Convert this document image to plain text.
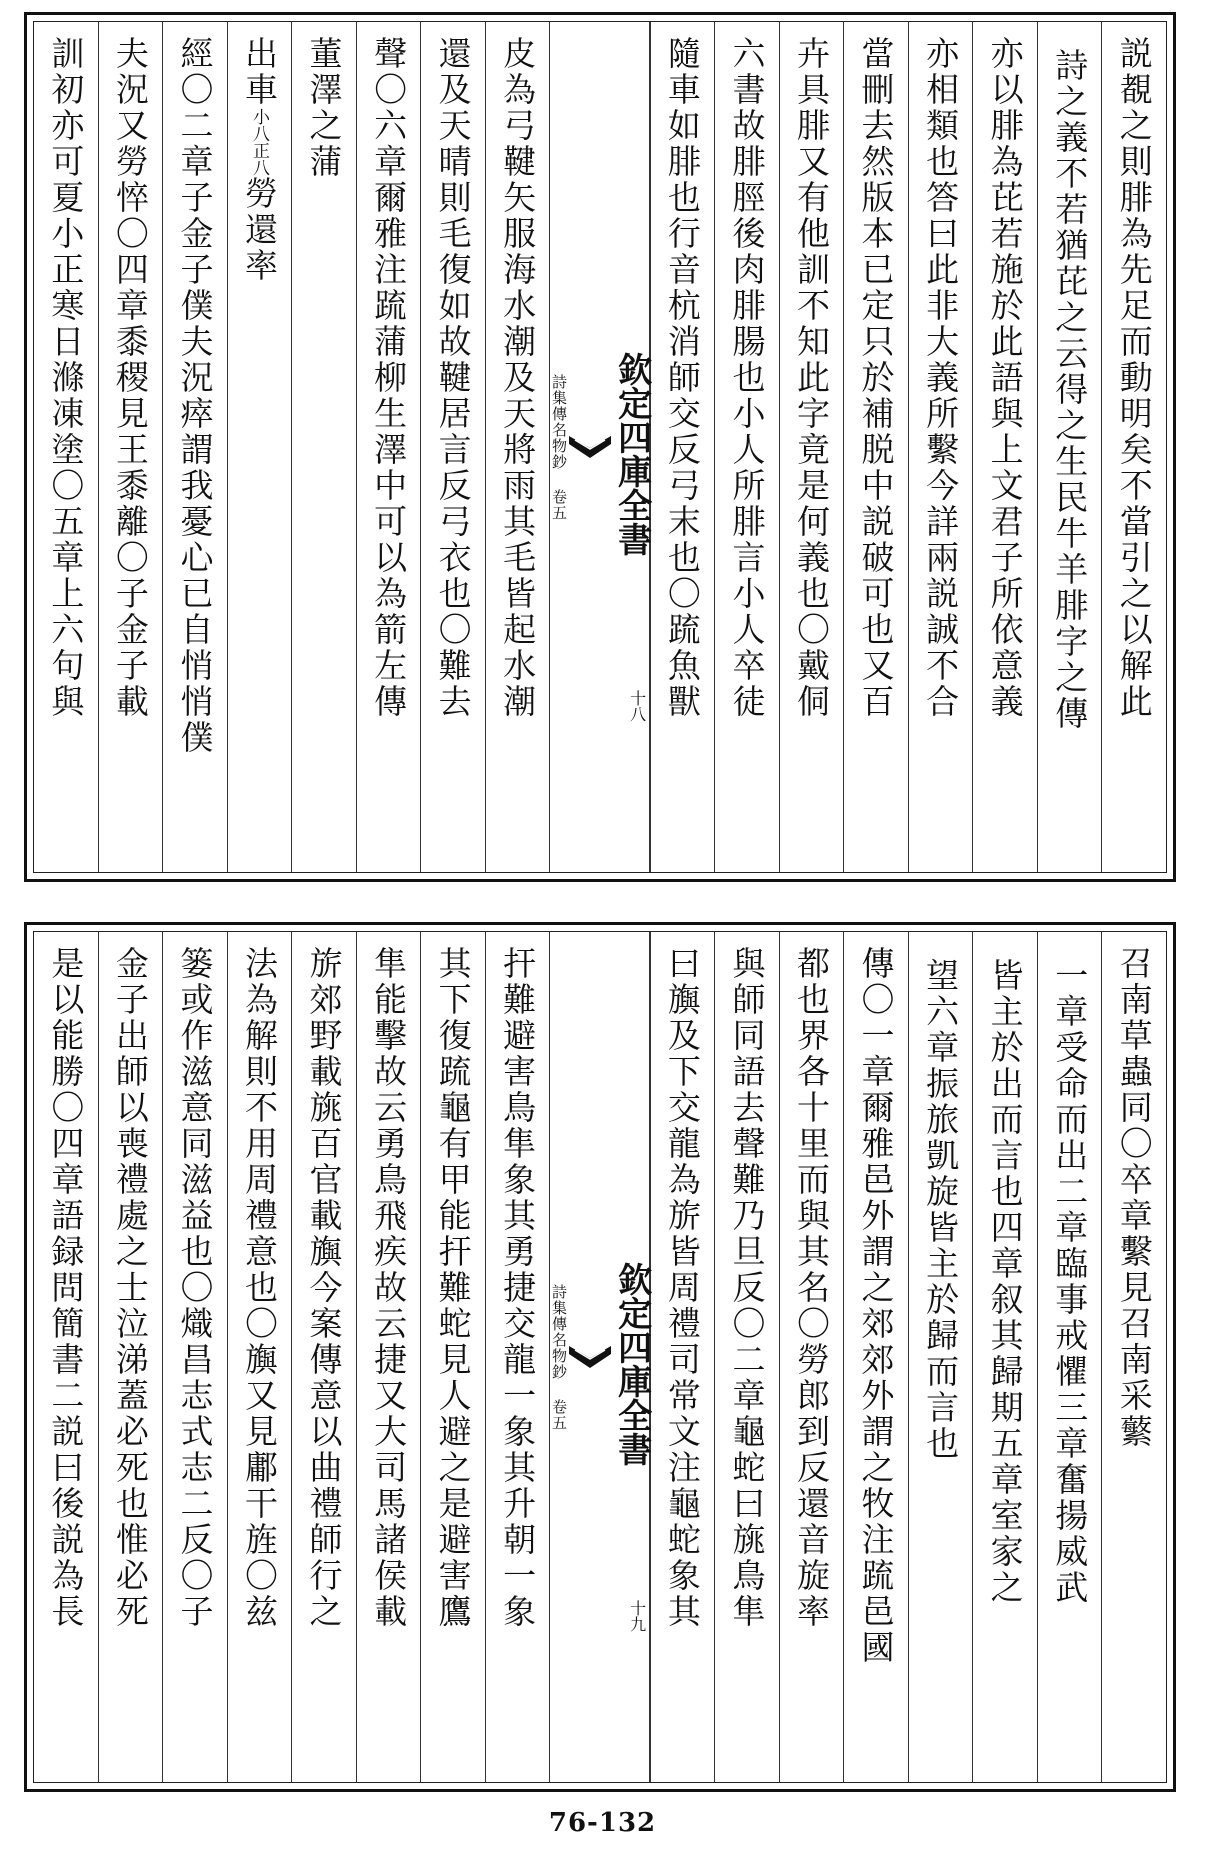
説覩之則腓為先足而動明矣不當引之以解此
詩之義不若猶芘之云得之生民牛羊腓字之傳
亦以腓為芘若施於此語與上文君子所依意義
亦相類也答曰此非大義所繫今詳兩説誠不合
當刪去然版本已定只於補脱中説破可也又百
卉具腓又有他訓不知此字竟是何義也〇戴侗
六書故腓脛後肉腓腸也小人所腓言小人卒徒
隨車如腓也行音杭消師交反弓末也〇䟽魚獸
欽定四庫全書
詩集傳名物鈔 卷五
十八
皮為弓鞬矢服海水潮及天將雨其毛皆起水潮
還及天晴則毛復如故鞬居言反弓衣也〇難去
聲〇六章爾雅注䟽蒲柳生澤中可以為箭左傳
董澤之蒲
出車小八正八勞還率
經〇二章子金子僕夫況瘁謂我憂心已自悄悄僕
夫況又勞悴〇四章黍稷見王黍離〇子金子載
訓初亦可夏小正寒日滌凍塗〇五章上六句與
召南草蟲同〇卒章繫見召南采蘩
一章受命而出二章臨事戒懼三章奮揚威武
皆主於出而言也四章叙其歸期五章室家之
望六章振旅凱旋皆主於歸而言也
傳〇一章爾雅邑外謂之郊郊外謂之牧注䟽邑國
都也界各十里而與其名〇勞郎到反還音旋率
與師同語去聲難乃旦反〇二章龜蛇曰旐鳥隼
曰旟及下交龍為旂皆周禮司常文注龜蛇象其
欽定四庫全書
詩集傳名物鈔 卷五
十九
扞難避害鳥隼象其勇捷交龍一象其升朝一象
其下復䟽龜有甲能扞難蛇見人避之是避害鷹
隼能擊故云勇鳥飛疾故云捷又大司馬諸侯載
旂郊野載旐百官載旟今案傳意以曲禮師行之
法為解則不用周禮意也〇旟又見鄘干旌〇兹
篓或作滋意同滋益也〇熾昌志式志二反〇子
金子出師以喪禮處之士泣涕蓋必死也惟必死
是以能勝〇四章語録問簡書二説曰後説為長
76-132
